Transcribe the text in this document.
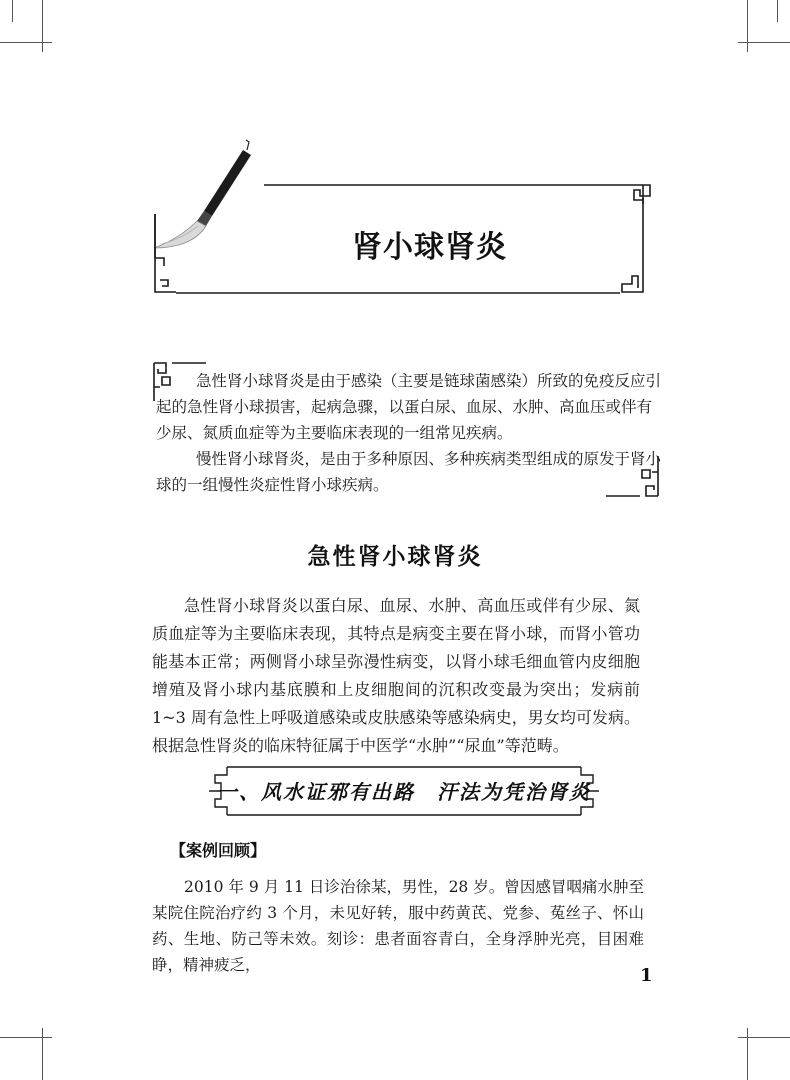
肾小球肾炎

急性肾小球肾炎是由于感染（主要是链球菌感染）所致的免疫反应引起的急性肾小球损害，起病急骤，以蛋白尿、血尿、水肿、高血压或伴有少尿、氮质血症等为主要临床表现的一组常见疾病。

慢性肾小球肾炎，是由于多种原因、多种疾病类型组成的原发于肾小球的一组慢性炎症性肾小球疾病。

急性肾小球肾炎

急性肾小球肾炎以蛋白尿、血尿、水肿、高血压或伴有少尿、氮质血症等为主要临床表现，其特点是病变主要在肾小球，而肾小管功能基本正常；两侧肾小球呈弥漫性病变，以肾小球毛细血管内皮细胞增殖及肾小球内基底膜和上皮细胞间的沉积改变最为突出；发病前 1~3 周有急性上呼吸道感染或皮肤感染等感染病史，男女均可发病。根据急性肾炎的临床特征属于中医学“水肿”“尿血”等范畴。

一、风水证邪有出路　汗法为凭治肾炎
【案例回顾】

2010 年 9 月 11 日诊治徐某，男性，28 岁。曾因感冒咽痛水肿至某院住院治疗约 3 个月，未见好转，服中药黄芪、党参、菟丝子、怀山药、生地、防己等未效。刻诊：患者面容青白，全身浮肿光亮，目困难睁，精神疲乏，	1
